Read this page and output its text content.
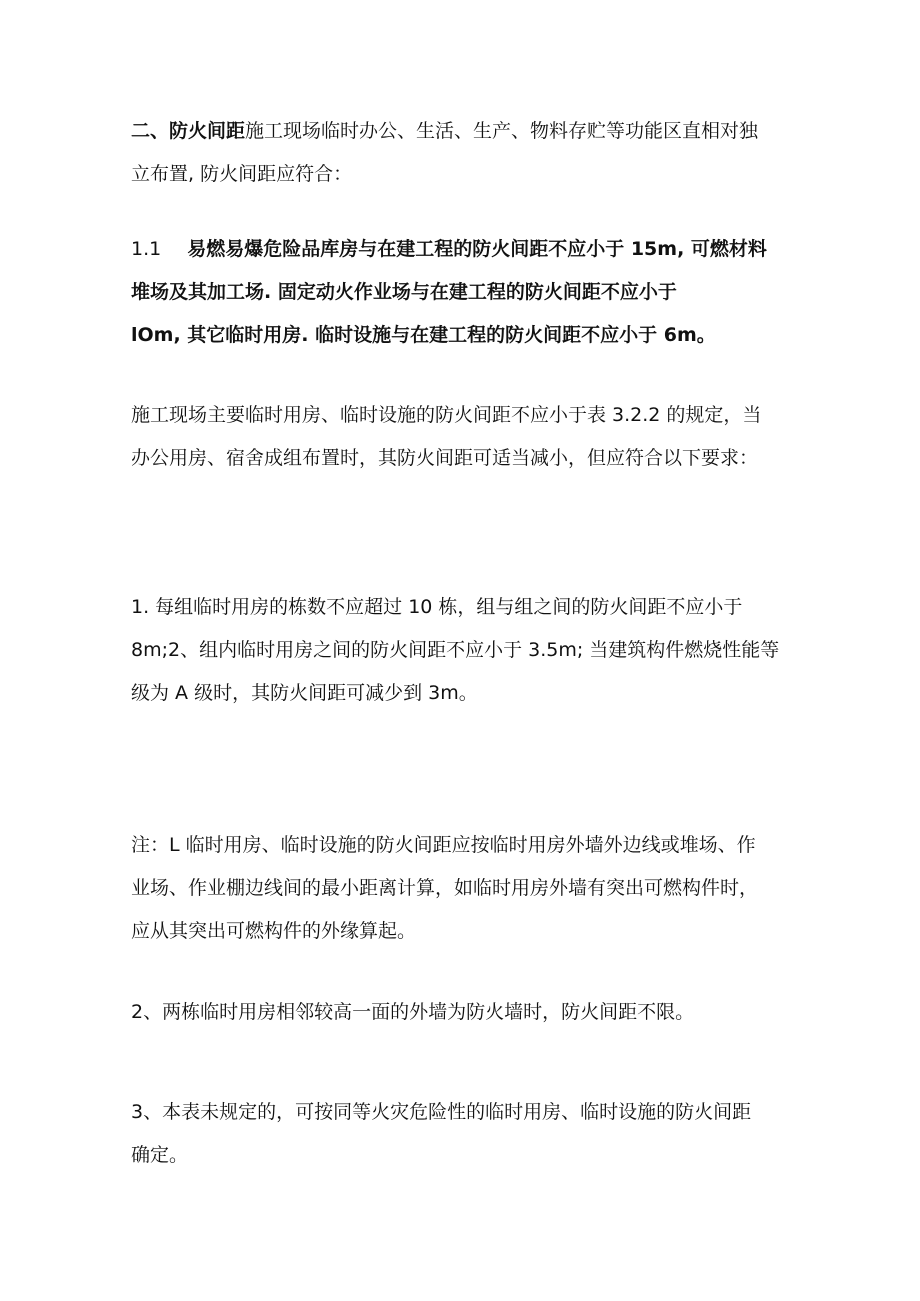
二、防火间距施工现场临时办公、生活、生产、物料存贮等功能区直相对独
立布置, 防火间距应符合：

1.1 易燃易爆危险品库房与在建工程的防火间距不应小于 15m, 可燃材料
堆场及其加工场. 固定动火作业场与在建工程的防火间距不应小于
lOm, 其它临时用房. 临时设施与在建工程的防火间距不应小于 6m。

施工现场主要临时用房、临时设施的防火间距不应小于表 3.2.2 的规定，当
办公用房、宿舍成组布置时，其防火间距可适当减小，但应符合以下要求：

1. 每组临时用房的栋数不应超过 10 栋，组与组之间的防火间距不应小于
8m;2、组内临时用房之间的防火间距不应小于 3.5m; 当建筑构件燃烧性能等
级为 A 级时，其防火间距可减少到 3m。

注：L 临时用房、临时设施的防火间距应按临时用房外墙外边线或堆场、作
业场、作业棚边线间的最小距离计算，如临时用房外墙有突出可燃构件时，
应从其突出可燃构件的外缘算起。

2、两栋临时用房相邻较高一面的外墙为防火墙时，防火间距不限。

3、本表未规定的，可按同等火灾危险性的临时用房、临时设施的防火间距
确定。
